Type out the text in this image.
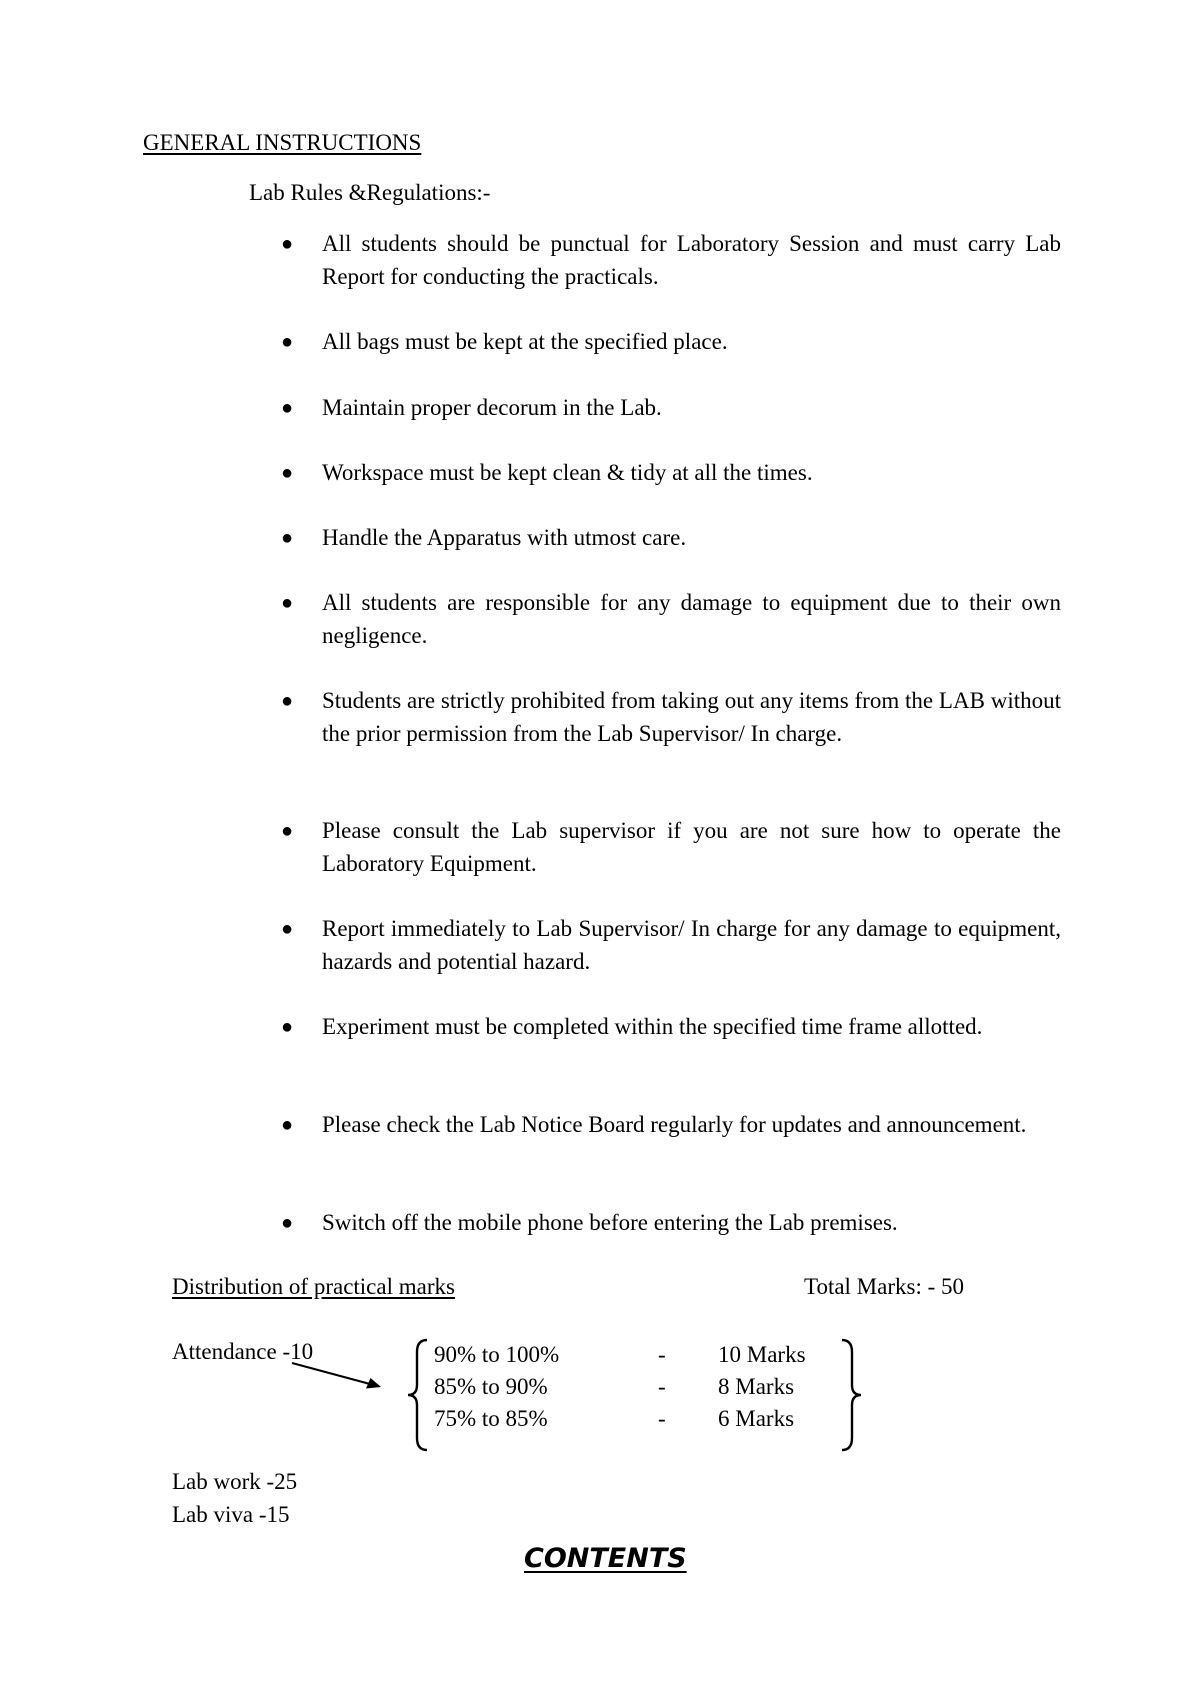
GENERAL INSTRUCTIONS
Lab Rules &Regulations:-
● All students should be punctual for Laboratory Session and must carry Lab Report for conducting the practicals.
● All bags must be kept at the specified place.
● Maintain proper decorum in the Lab.
● Workspace must be kept clean & tidy at all the times.
● Handle the Apparatus with utmost care.
● All students are responsible for any damage to equipment due to their own negligence.
● Students are strictly prohibited from taking out any items from the LAB without the prior permission from the Lab Supervisor/ In charge.
● Please consult the Lab supervisor if you are not sure how to operate the Laboratory Equipment.
● Report immediately to Lab Supervisor/ In charge for any damage to equipment, hazards and potential hazard.
● Experiment must be completed within the specified time frame allotted.
● Please check the Lab Notice Board regularly for updates and announcement.
● Switch off the mobile phone before entering the Lab premises.
Distribution of practical marks	Total Marks: - 50
Attendance -10	90% to 100%	- 10 Marks
85% to 90%	- 8 Marks
75% to 85%	- 6 Marks
Lab work -25
Lab viva -15
CONTENTS
